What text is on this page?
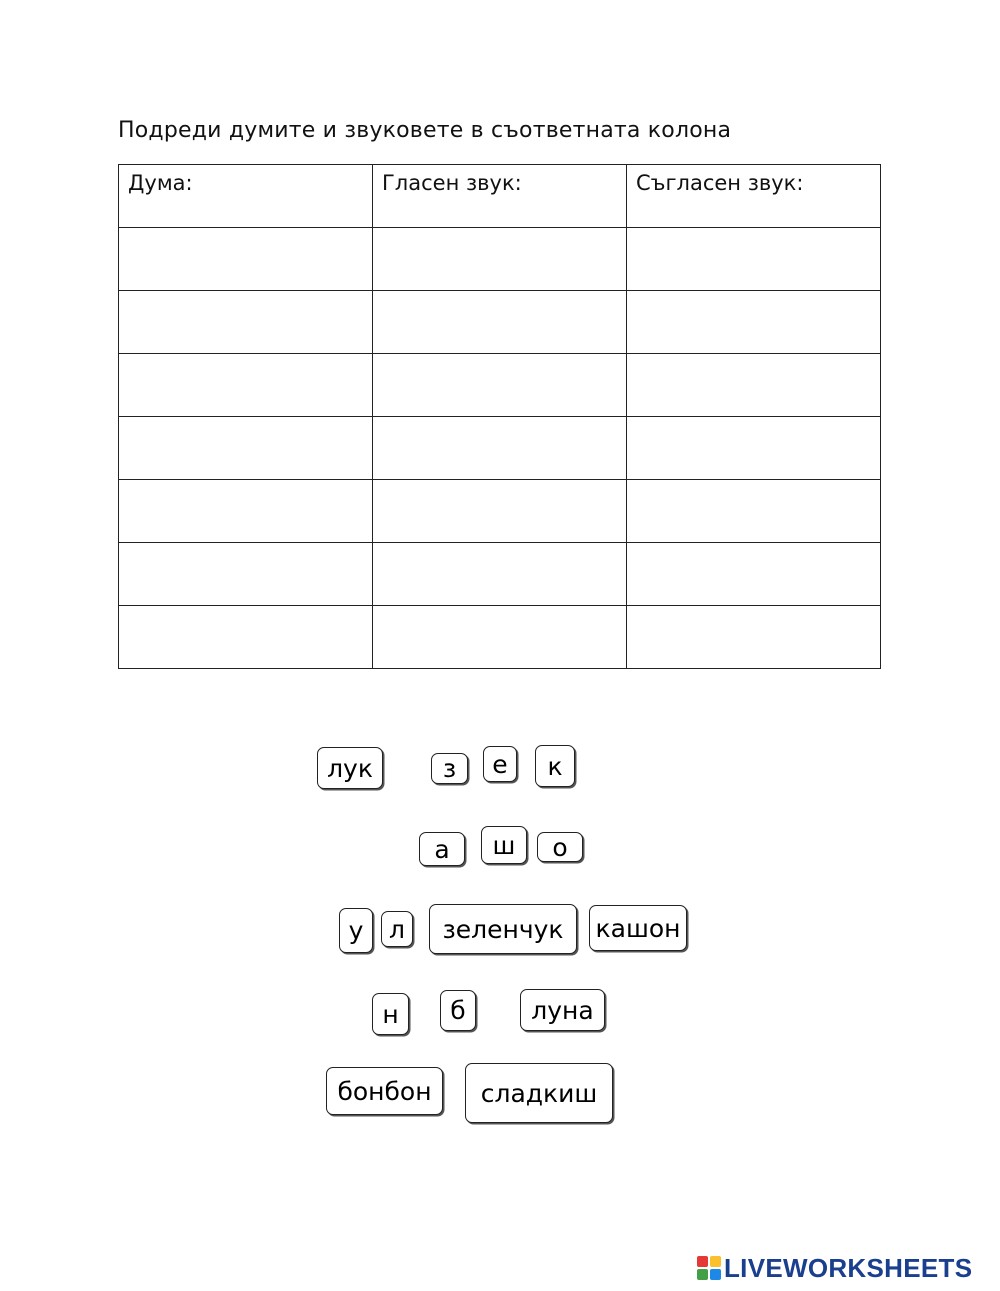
Подреди думите и звуковете в съответната колона
Дума:	Гласен звук:	Съгласен звук:

лук	з	е	к
а	ш	о
у	л	зеленчук	кашон
н	б	луна
бонбон	сладкиш
LIVEWORKSHEETS
